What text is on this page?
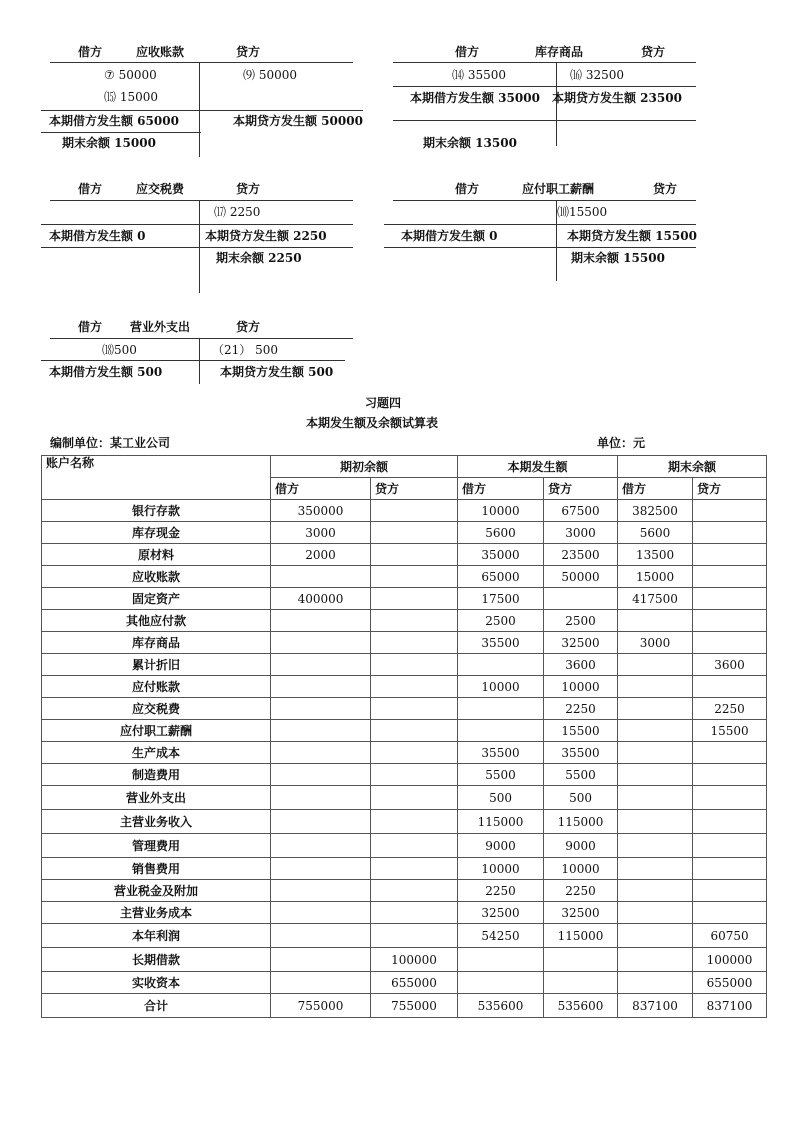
借方	应收账款	贷方
⑦ 50000	⑼ 50000
⒂ 15000
本期借方发生额 65000	本期贷方发生额 50000
期末余额 15000
借方	库存商品	贷方
⒁ 35500	⒃ 32500
本期借方发生额 35000 本期贷方发生额 23500
期末余额 13500
借方	应交税费	贷方
⒄ 2250
本期借方发生额 0	本期贷方发生额 2250
期末余额 2250
借方	应付职工薪酬	贷方
⑽15500
本期借方发生额 0	本期贷方发生额 15500
期末余额 15500
借方 营业外支出	贷方
⒅500	（21） 500
本期借方发生额 500	本期贷方发生额 500
习题四
本期发生额及余额试算表
编制单位：某工业公司	单位：元
账户名称	期初余额		本期发生额		期末余额	
	借方	贷方	借方	贷方	借方	贷方
银行存款	350000		10000	67500	382500	
库存现金	3000		5600	3000	5600	
原材料	2000		35000	23500	13500	
应收账款			65000	50000	15000	
固定资产	400000		17500		417500	
其他应付款			2500	2500		
库存商品			35500	32500	3000	
累计折旧				3600		3600
应付账款			10000	10000		
应交税费				2250		2250
应付职工薪酬				15500		15500
生产成本			35500	35500		
制造费用			5500	5500		
营业外支出			500	500		
主营业务收入			115000	115000		
管理费用			9000	9000		
销售费用			10000	10000		
营业税金及附加			2250	2250		
主营业务成本			32500	32500		
本年利润			54250	115000		60750
长期借款		100000				100000
实收资本		655000				655000
合计	755000	755000	535600	535600	837100	837100
